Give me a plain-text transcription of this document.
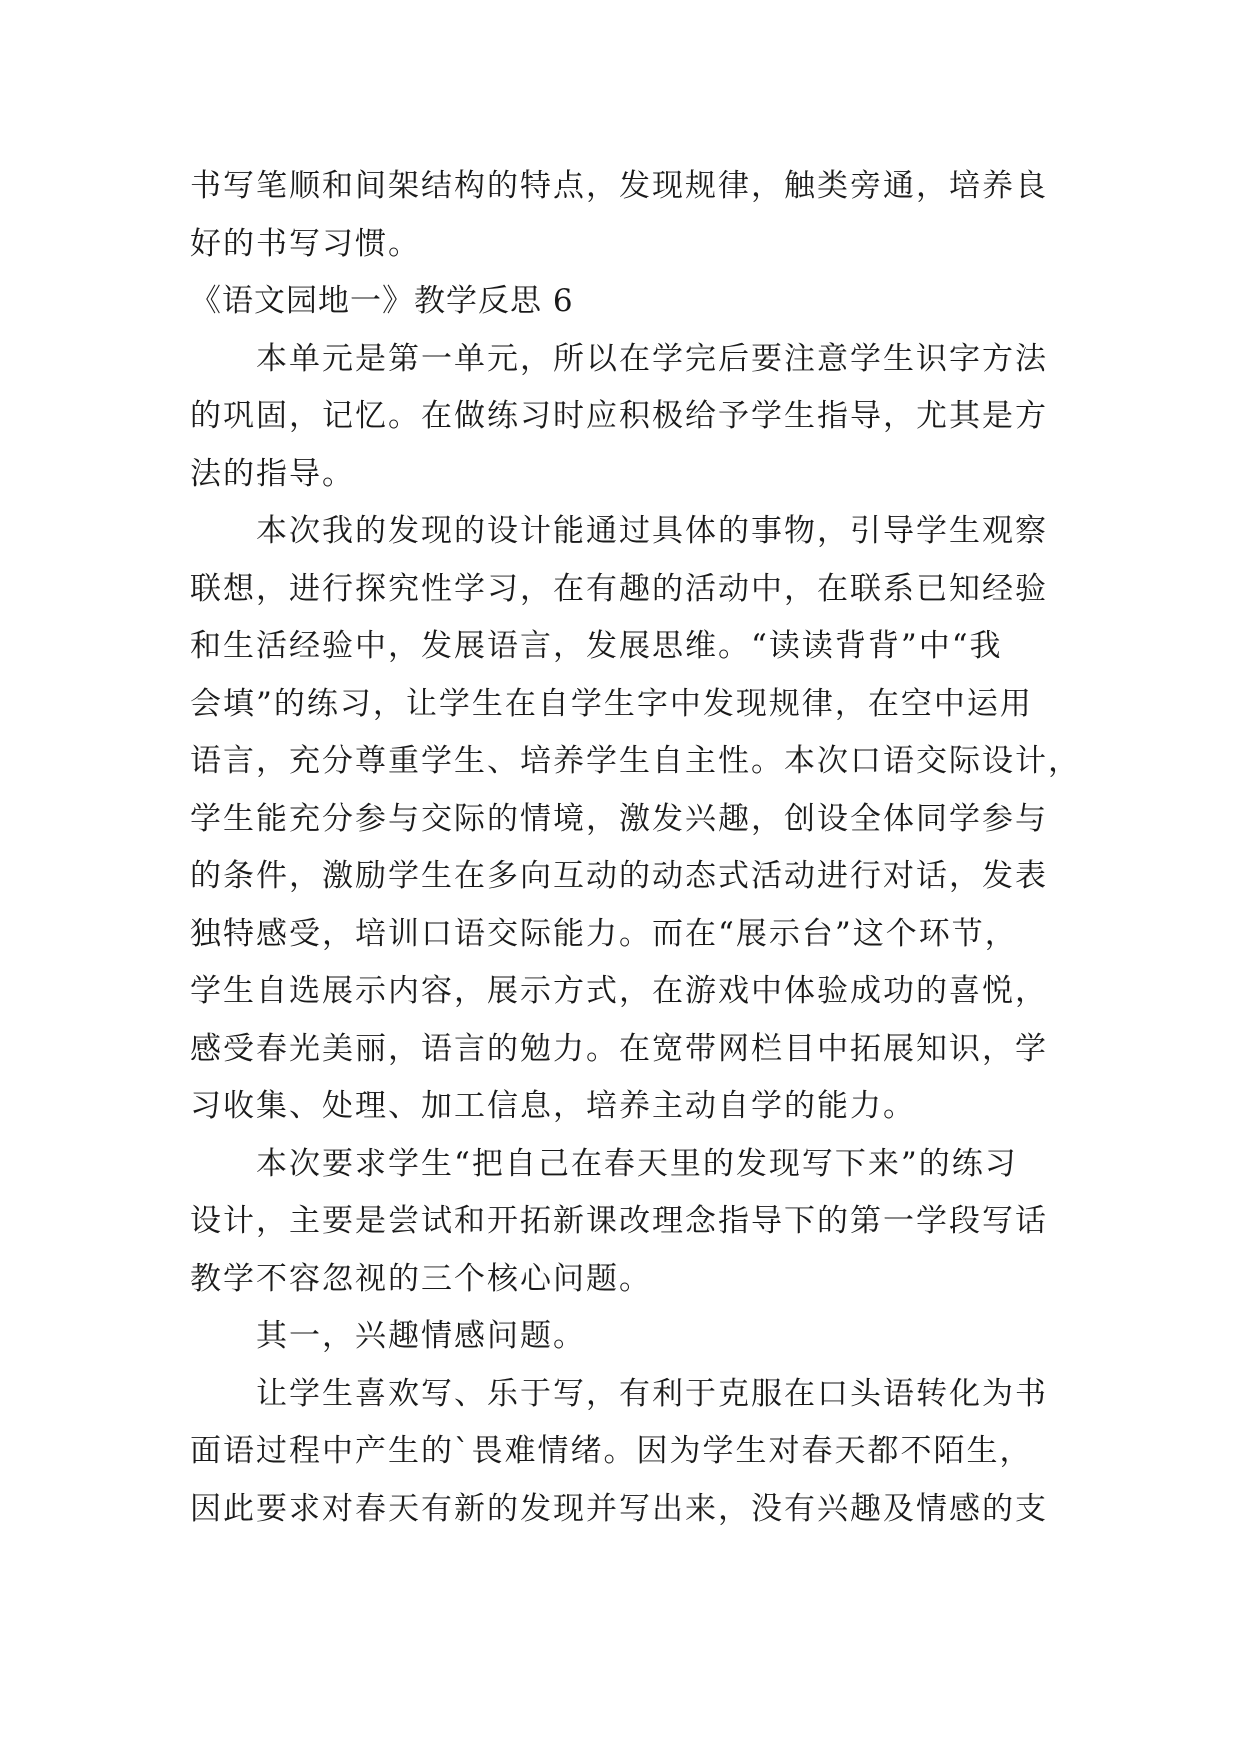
书写笔顺和间架结构的特点，发现规律，触类旁通，培养良
好的书写习惯。
《语文园地一》教学反思 6
本单元是第一单元，所以在学完后要注意学生识字方法
的巩固，记忆。在做练习时应积极给予学生指导，尤其是方
法的指导。
本次我的发现的设计能通过具体的事物，引导学生观察
联想，进行探究性学习，在有趣的活动中，在联系已知经验
和生活经验中，发展语言，发展思维。“读读背背”中“我
会填”的练习，让学生在自学生字中发现规律，在空中运用
语言，充分尊重学生、培养学生自主性。本次口语交际设计，
学生能充分参与交际的情境，激发兴趣，创设全体同学参与
的条件，激励学生在多向互动的动态式活动进行对话，发表
独特感受，培训口语交际能力。而在“展示台”这个环节，
学生自选展示内容，展示方式，在游戏中体验成功的喜悦，
感受春光美丽，语言的勉力。在宽带网栏目中拓展知识，学
习收集、处理、加工信息，培养主动自学的能力。
本次要求学生“把自己在春天里的发现写下来”的练习
设计，主要是尝试和开拓新课改理念指导下的第一学段写话
教学不容忽视的三个核心问题。
其一，兴趣情感问题。
让学生喜欢写、乐于写，有利于克服在口头语转化为书
面语过程中产生的`畏难情绪。因为学生对春天都不陌生，
因此要求对春天有新的发现并写出来，没有兴趣及情感的支
